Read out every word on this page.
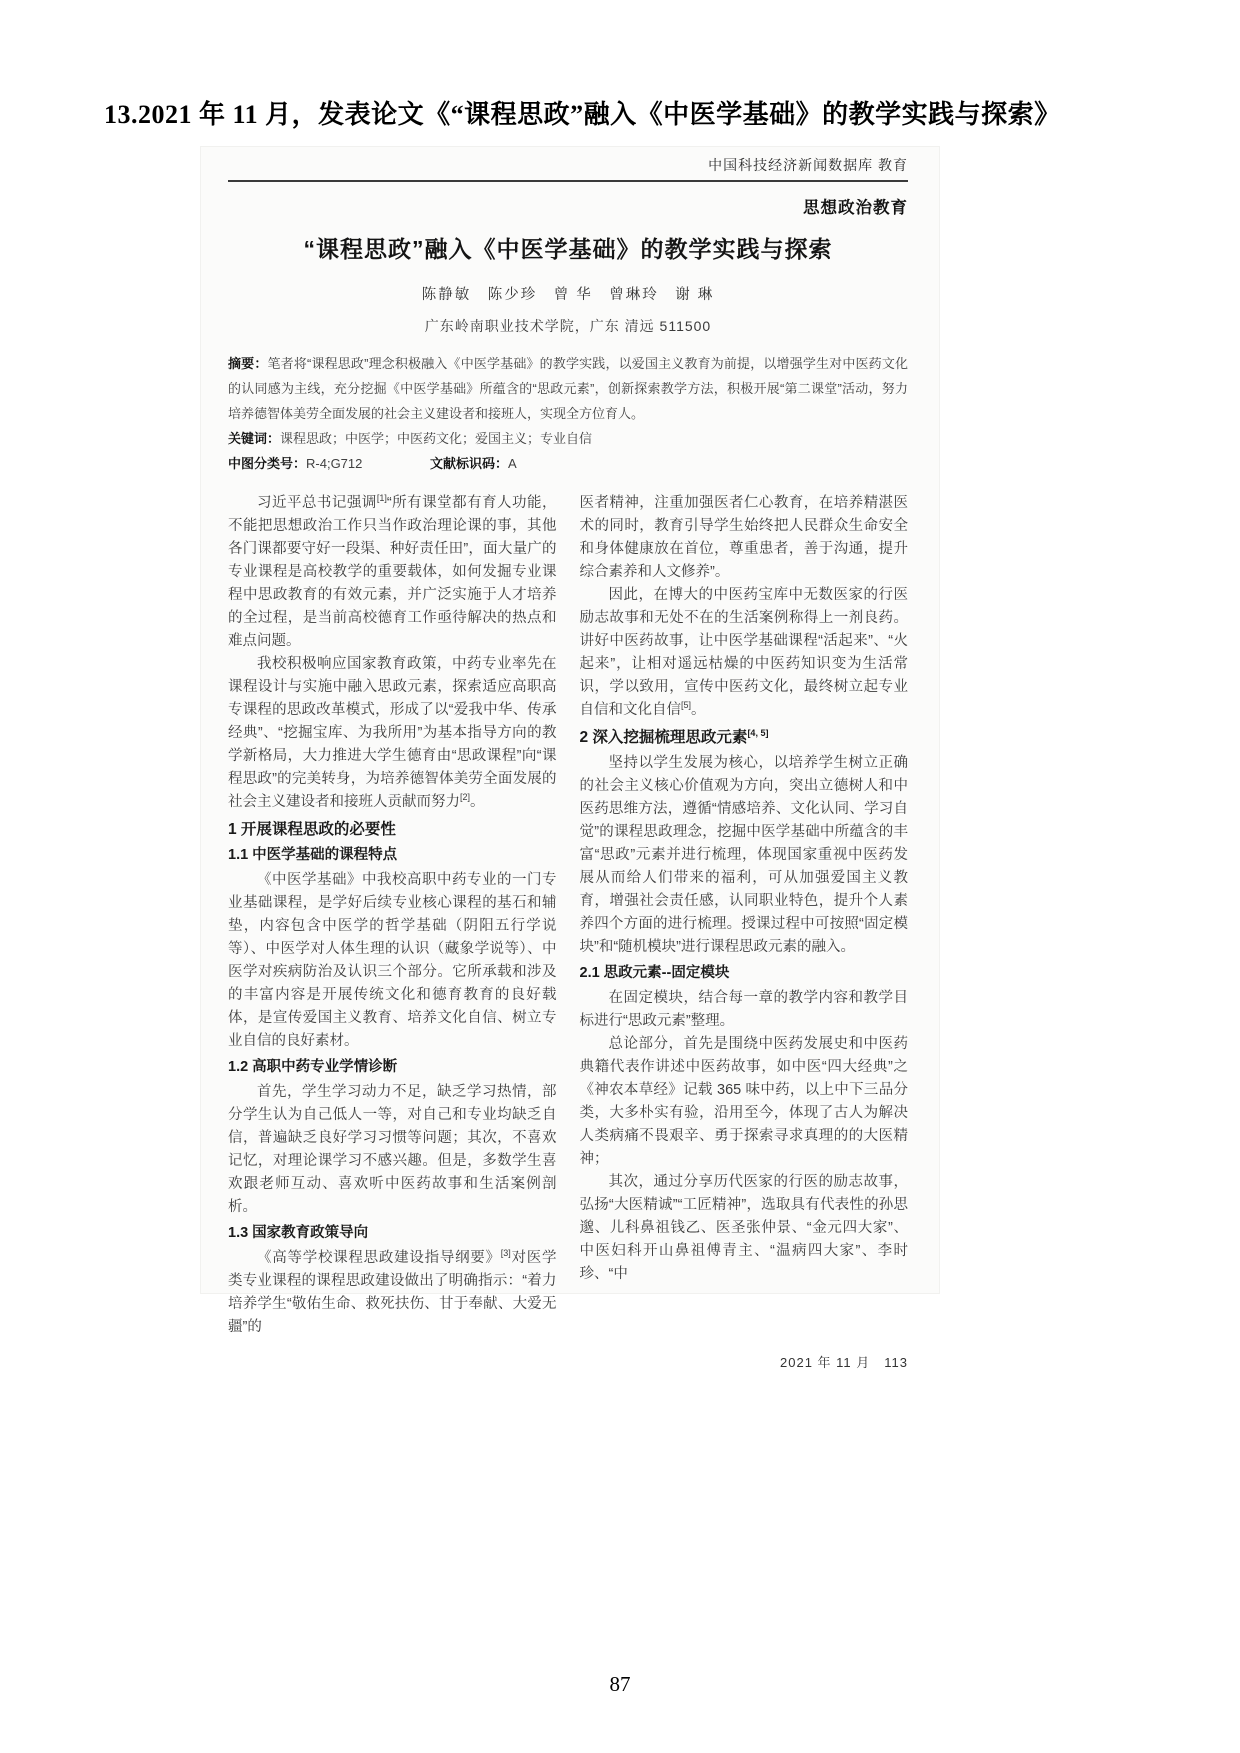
13.2021 年 11 月，发表论文《“课程思政”融入《中医学基础》的教学实践与探索》
中国科技经济新闻数据库 教育
思想政治教育
“课程思政”融入《中医学基础》的教学实践与探索
陈静敏　陈少珍　曾 华　曾琳玲　谢 琳
广东岭南职业技术学院，广东 清远 511500
摘要：笔者将“课程思政”理念积极融入《中医学基础》的教学实践，以爱国主义教育为前提，以增强学生对中医药文化的认同感为主线，充分挖掘《中医学基础》所蕴含的“思政元素”，创新探索教学方法，积极开展“第二课堂”活动，努力培养德智体美劳全面发展的社会主义建设者和接班人，实现全方位育人。
关键词：课程思政；中医学；中医药文化；爱国主义；专业自信
中图分类号：R-4;G712	文献标识码：A
习近平总书记强调[1]“所有课堂都有育人功能，不能把思想政治工作只当作政治理论课的事，其他各门课都要守好一段渠、种好责任田”，面大量广的专业课程是高校教学的重要载体，如何发掘专业课程中思政教育的有效元素，并广泛实施于人才培养的全过程，是当前高校德育工作亟待解决的热点和难点问题。
我校积极响应国家教育政策，中药专业率先在课程设计与实施中融入思政元素，探索适应高职高专课程的思政改革模式，形成了以“爱我中华、传承经典”、“挖掘宝库、为我所用”为基本指导方向的教学新格局，大力推进大学生德育由“思政课程”向“课程思政”的完美转身，为培养德智体美劳全面发展的社会主义建设者和接班人贡献而努力[2]。
1 开展课程思政的必要性
1.1 中医学基础的课程特点
《中医学基础》中我校高职中药专业的一门专业基础课程，是学好后续专业核心课程的基石和辅垫，内容包含中医学的哲学基础（阴阳五行学说等）、中医学对人体生理的认识（藏象学说等）、中医学对疾病防治及认识三个部分。它所承载和涉及的丰富内容是开展传统文化和德育教育的良好载体，是宣传爱国主义教育、培养文化自信、树立专业自信的良好素材。
1.2 高职中药专业学情诊断
首先，学生学习动力不足，缺乏学习热情，部分学生认为自己低人一等，对自己和专业均缺乏自信，普遍缺乏良好学习习惯等问题；其次，不喜欢记忆，对理论课学习不感兴趣。但是，多数学生喜欢跟老师互动、喜欢听中医药故事和生活案例剖析。
1.3 国家教育政策导向
《高等学校课程思政建设指导纲要》[3]对医学类专业课程的课程思政建设做出了明确指示：“着力培养学生“敬佑生命、救死扶伤、甘于奉献、大爱无疆”的
医者精神，注重加强医者仁心教育，在培养精湛医术的同时，教育引导学生始终把人民群众生命安全和身体健康放在首位，尊重患者，善于沟通，提升综合素养和人文修养”。
因此，在博大的中医药宝库中无数医家的行医励志故事和无处不在的生活案例称得上一剂良药。讲好中医药故事，让中医学基础课程“活起来”、“火起来”，让相对遥远枯燥的中医药知识变为生活常识，学以致用，宣传中医药文化，最终树立起专业自信和文化自信[5]。
2 深入挖掘梳理思政元素[4, 5]
坚持以学生发展为核心，以培养学生树立正确的社会主义核心价值观为方向，突出立德树人和中医药思维方法，遵循“情感培养、文化认同、学习自觉”的课程思政理念，挖掘中医学基础中所蕴含的丰富“思政”元素并进行梳理，体现国家重视中医药发展从而给人们带来的福利，可从加强爱国主义教育，增强社会责任感，认同职业特色，提升个人素养四个方面的进行梳理。授课过程中可按照“固定模块”和“随机模块”进行课程思政元素的融入。
2.1 思政元素--固定模块
在固定模块，结合每一章的教学内容和教学目标进行“思政元素”整理。
总论部分，首先是围绕中医药发展史和中医药典籍代表作讲述中医药故事，如中医“四大经典”之《神农本草经》记载 365 味中药，以上中下三品分类，大多朴实有验，沿用至今，体现了古人为解决人类病痛不畏艰辛、勇于探索寻求真理的的大医精神；
其次，通过分享历代医家的行医的励志故事，弘扬“大医精诚”“工匠精神”，选取具有代表性的孙思邈、儿科鼻祖钱乙、医圣张仲景、“金元四大家”、中医妇科开山鼻祖傅青主、“温病四大家”、李时珍、“中
2021 年 11 月　113
87
